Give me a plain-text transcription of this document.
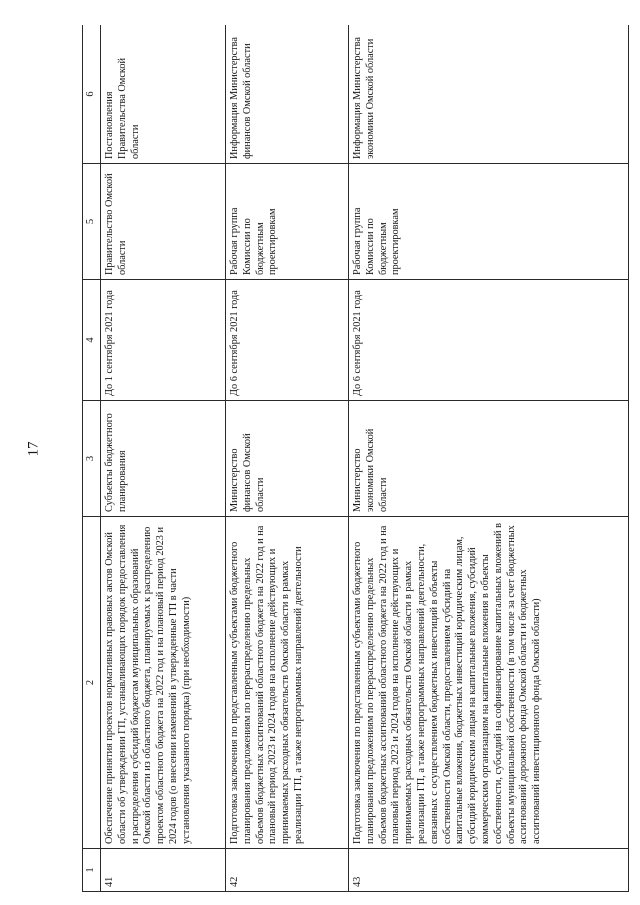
17
1	2	3	4	5	6
41	Обеспечение принятия проектов нормативных правовых актов Омской области об утверждении ГП, устанавливающих порядок предоставления и распределения субсидий бюджетам муниципальных образований Омской области из областного бюджета, планируемых к распределению проектом областного бюджета на 2022 год и на плановый период 2023 и 2024 годов (о внесении изменений в утвержденные ГП в части установления указанного порядка) (при необходимости)	Субъекты бюджетного планирования	До 1 сентября 2021 года	Правительство Омской области	Постановления Правительства Омской области
42	Подготовка заключения по представленным субъектами бюджетного планирования предложениям по перераспределению предельных объемов бюджетных ассигнований областного бюджета на 2022 год и на плановый период 2023 и 2024 годов на исполнение действующих и принимаемых расходных обязательств Омской области в рамках реализации ГП, а также непрограммных направлений деятельности	Министерство финансов Омской области	До 6 сентября 2021 года	Рабочая группа Комиссии по бюджетным проектировкам	Информация Министерства финансов Омской области
43	Подготовка заключения по представленным субъектами бюджетного планирования предложениям по перераспределению предельных объемов бюджетных ассигнований областного бюджета на 2022 год и на плановый период 2023 и 2024 годов на исполнение действующих и принимаемых расходных обязательств Омской области в рамках реализации ГП, а также непрограммных направлений деятельности, связанных с осуществлением бюджетных инвестиций в объекты собственности Омской области, предоставлением субсидий на капитальные вложения, бюджетных инвестиций юридическим лицам, субсидий юридическим лицам на капитальные вложения, субсидий коммерческим организациям на капитальные вложения в объекты собственности, субсидий на софинансирование капитальных вложений в объекты муниципальной собственности (в том числе за счет бюджетных ассигнований дорожного фонда Омской области и бюджетных ассигнований инвестиционного фонда Омской области)	Министерство экономики Омской области	До 6 сентября 2021 года	Рабочая группа Комиссии по бюджетным проектировкам	Информация Министерства экономики Омской области
